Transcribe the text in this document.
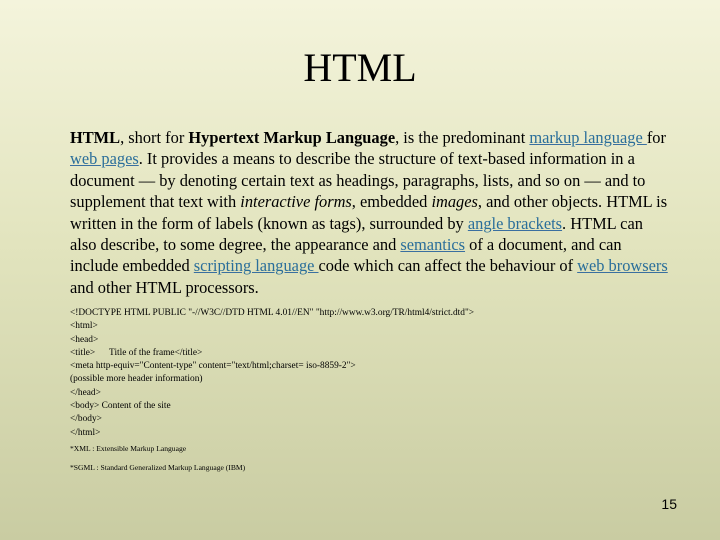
HTML
HTML, short for Hypertext Markup Language, is the predominant markup language for web pages. It provides a means to describe the structure of text-based information in a document — by denoting certain text as headings, paragraphs, lists, and so on — and to supplement that text with interactive forms, embedded images, and other objects. HTML is written in the form of labels (known as tags), surrounded by angle brackets. HTML can also describe, to some degree, the appearance and semantics of a document, and can include embedded scripting language code which can affect the behaviour of web browsers and other HTML processors.
<!DOCTYPE HTML PUBLIC "-//W3C//DTD HTML 4.01//EN" "http://www.w3.org/TR/html4/strict.dtd">
<html>
<head>
<title>      Title of the frame</title>
<meta http-equiv="Content-type" content="text/html;charset= iso-8859-2">
(possible more header information)
</head>
<body> Content of the site
</body>
</html>
*XML : Extensible Markup Language
*SGML : Standard Generalized Markup Language (IBM)
15
